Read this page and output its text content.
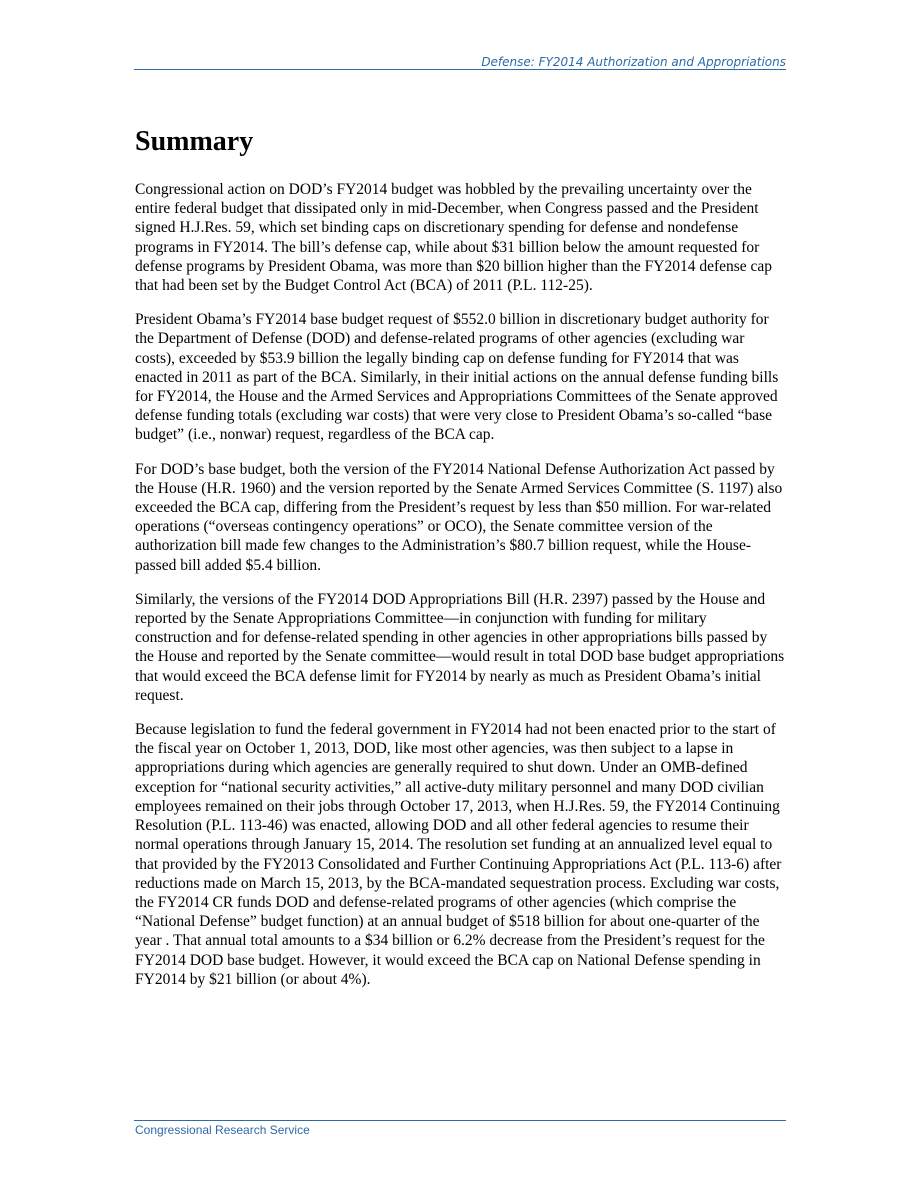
Defense: FY2014 Authorization and Appropriations
Summary

Congressional action on DOD’s FY2014 budget was hobbled by the prevailing uncertainty over the entire federal budget that dissipated only in mid-December, when Congress passed and the President signed H.J.Res. 59, which set binding caps on discretionary spending for defense and nondefense programs in FY2014. The bill’s defense cap, while about $31 billion below the amount requested for defense programs by President Obama, was more than $20 billion higher than the FY2014 defense cap that had been set by the Budget Control Act (BCA) of 2011 (P.L. 112-25).

President Obama’s FY2014 base budget request of $552.0 billion in discretionary budget authority for the Department of Defense (DOD) and defense-related programs of other agencies (excluding war costs), exceeded by $53.9 billion the legally binding cap on defense funding for FY2014 that was enacted in 2011 as part of the BCA. Similarly, in their initial actions on the annual defense funding bills for FY2014, the House and the Armed Services and Appropriations Committees of the Senate approved defense funding totals (excluding war costs) that were very close to President Obama’s so-called “base budget” (i.e., nonwar) request, regardless of the BCA cap.

For DOD’s base budget, both the version of the FY2014 National Defense Authorization Act passed by the House (H.R. 1960) and the version reported by the Senate Armed Services Committee (S. 1197) also exceeded the BCA cap, differing from the President’s request by less than $50 million. For war-related operations (“overseas contingency operations” or OCO), the Senate committee version of the authorization bill made few changes to the Administration’s $80.7 billion request, while the House-passed bill added $5.4 billion.

Similarly, the versions of the FY2014 DOD Appropriations Bill (H.R. 2397) passed by the House and reported by the Senate Appropriations Committee—in conjunction with funding for military construction and for defense-related spending in other agencies in other appropriations bills passed by the House and reported by the Senate committee—would result in total DOD base budget appropriations that would exceed the BCA defense limit for FY2014 by nearly as much as President Obama’s initial request.

Because legislation to fund the federal government in FY2014 had not been enacted prior to the start of the fiscal year on October 1, 2013, DOD, like most other agencies, was then subject to a lapse in appropriations during which agencies are generally required to shut down. Under an OMB-defined exception for “national security activities,” all active-duty military personnel and many DOD civilian employees remained on their jobs through October 17, 2013, when H.J.Res. 59, the FY2014 Continuing Resolution (P.L. 113-46) was enacted, allowing DOD and all other federal agencies to resume their normal operations through January 15, 2014. The resolution set funding at an annualized level equal to that provided by the FY2013 Consolidated and Further Continuing Appropriations Act (P.L. 113-6) after reductions made on March 15, 2013, by the BCA-mandated sequestration process. Excluding war costs, the FY2014 CR funds DOD and defense-related programs of other agencies (which comprise the “National Defense” budget function) at an annual budget of $518 billion for about one-quarter of the year . That annual total amounts to a $34 billion or 6.2% decrease from the President’s request for the FY2014 DOD base budget. However, it would exceed the BCA cap on National Defense spending in FY2014 by $21 billion (or about 4%).

Congressional Research Service
